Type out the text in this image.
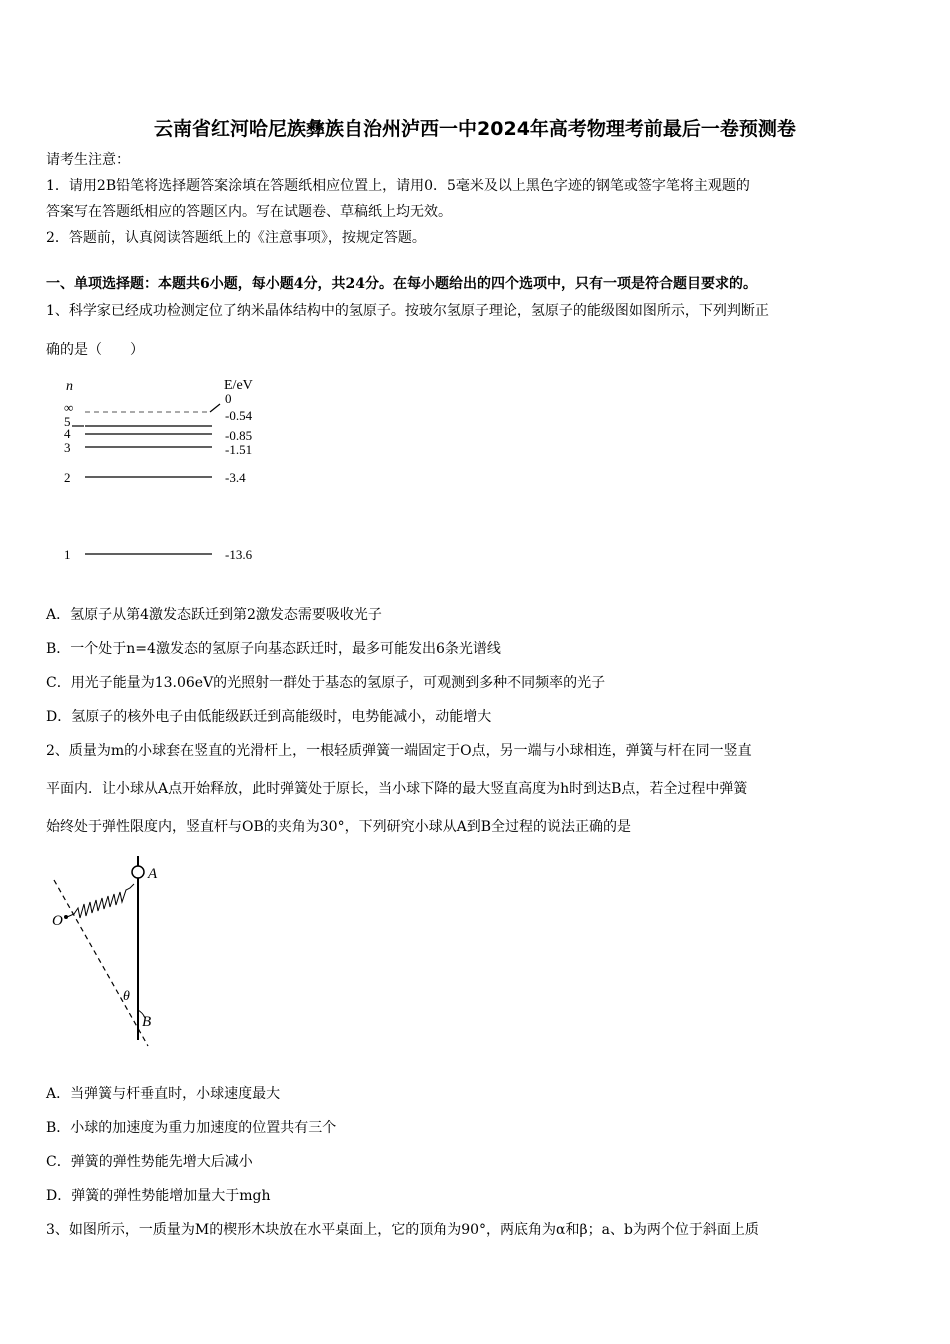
云南省红河哈尼族彝族自治州泸西一中2024年高考物理考前最后一卷预测卷
请考生注意：
1．请用2B铅笔将选择题答案涂填在答题纸相应位置上，请用0．5毫米及以上黑色字迹的钢笔或签字笔将主观题的
答案写在答题纸相应的答题区内。写在试题卷、草稿纸上均无效。
2．答题前，认真阅读答题纸上的《注意事项》，按规定答题。
一、单项选择题：本题共6小题，每小题4分，共24分。在每小题给出的四个选项中，只有一项是符合题目要求的。
1、科学家已经成功检测定位了纳米晶体结构中的氢原子。按玻尔氢原子理论，氢原子的能级图如图所示，下列判断正
确的是（　　）
n	E/eV
∞
0
5	-0.54
4	-0.85
3	-1.51
2	-3.4
1	-13.6
A．氢原子从第4激发态跃迁到第2激发态需要吸收光子
B．一个处于n=4激发态的氢原子向基态跃迁时，最多可能发出6条光谱线
C．用光子能量为13.06eV的光照射一群处于基态的氢原子，可观测到多种不同频率的光子
D．氢原子的核外电子由低能级跃迁到高能级时，电势能减小，动能增大
2、质量为m的小球套在竖直的光滑杆上，一根轻质弹簧一端固定于O点，另一端与小球相连，弹簧与杆在同一竖直
平面内．让小球从A点开始释放，此时弹簧处于原长，当小球下降的最大竖直高度为h时到达B点，若全过程中弹簧
始终处于弹性限度内，竖直杆与OB的夹角为30°，下列研究小球从A到B全过程的说法正确的是
A
O
θ
B
A．当弹簧与杆垂直时，小球速度最大
B．小球的加速度为重力加速度的位置共有三个
C．弹簧的弹性势能先增大后减小
D．弹簧的弹性势能增加量大于mgh
3、如图所示，一质量为M的楔形木块放在水平桌面上，它的顶角为90°，两底角为α和β；a、b为两个位于斜面上质
